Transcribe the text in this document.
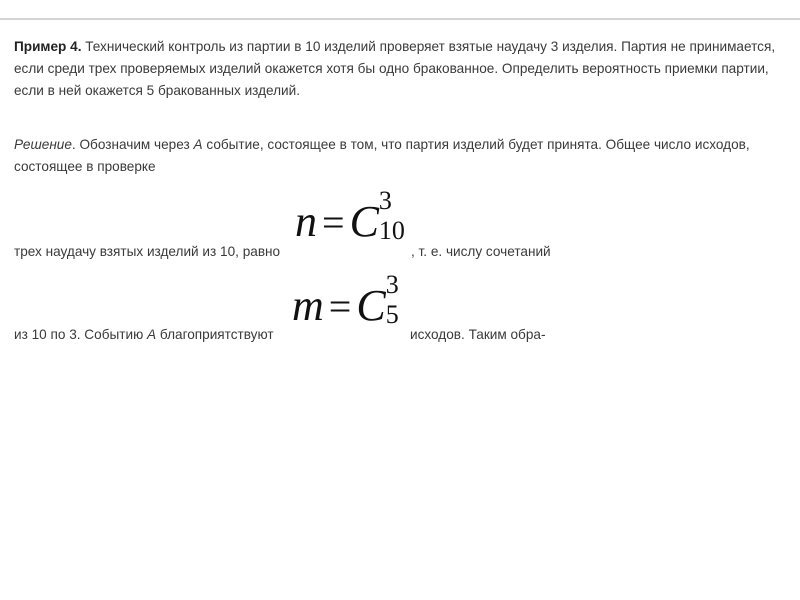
Пример 4. Технический контроль из партии в 10 изделий проверяет взятые наудачу 3 изделия. Партия не принимается, если среди трех проверяемых изделий окажется хотя бы одно бракованное. Определить вероятность приемки партии, если в ней окажется 5 бракованных изделий.
Решение. Обозначим через A событие, состоящее в том, что партия изделий будет принята. Общее число исходов, состоящее в проверке
n = C 3
10
трех наудачу взятых изделий из 10, равно	, т. е. числу сочетаний
m = C 3
5
из 10 по 3. Событию A благоприятствуют	исходов. Таким обра-
